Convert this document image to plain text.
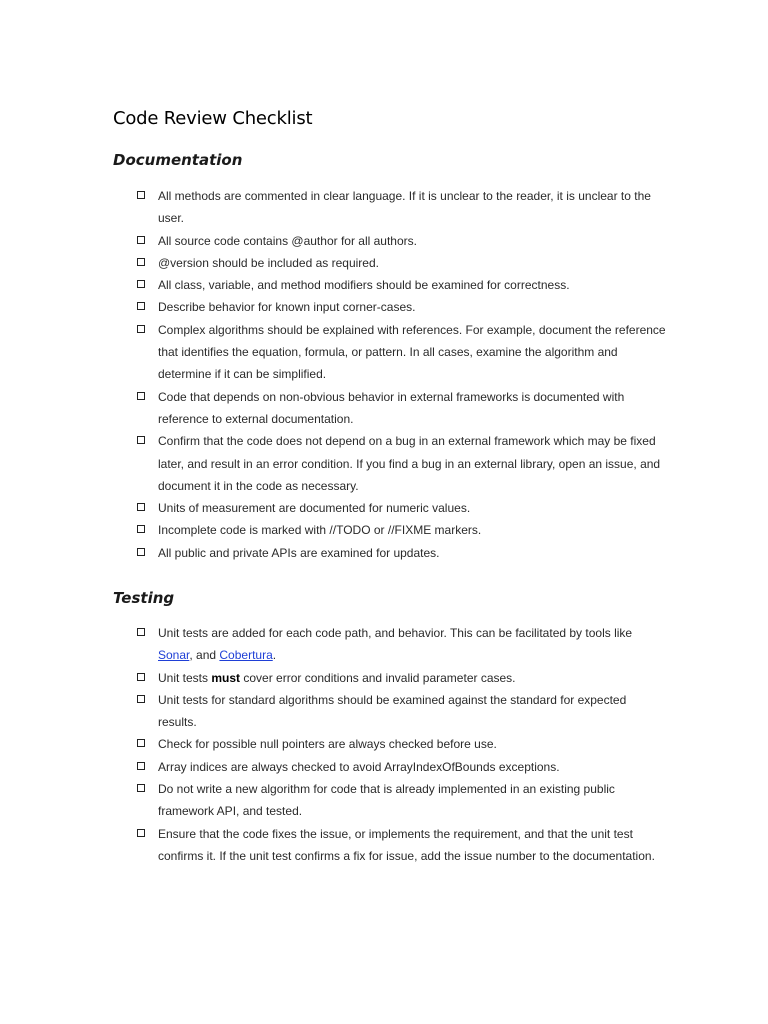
Code Review Checklist
Documentation
All methods are commented in clear language. If it is unclear to the reader, it is unclear to the user.
All source code contains @author for all authors.
@version should be included as required.
All class, variable, and method modifiers should be examined for correctness.
Describe behavior for known input corner-cases.
Complex algorithms should be explained with references. For example, document the reference that identifies the equation, formula, or pattern. In all cases, examine the algorithm and determine if it can be simplified.
Code that depends on non-obvious behavior in external frameworks is documented with reference to external documentation.
Confirm that the code does not depend on a bug in an external framework which may be fixed later, and result in an error condition. If you find a bug in an external library, open an issue, and document it in the code as necessary.
Units of measurement are documented for numeric values.
Incomplete code is marked with //TODO or //FIXME markers.
All public and private APIs are examined for updates.
Testing
Unit tests are added for each code path, and behavior. This can be facilitated by tools like Sonar, and Cobertura.
Unit tests must cover error conditions and invalid parameter cases.
Unit tests for standard algorithms should be examined against the standard for expected results.
Check for possible null pointers are always checked before use.
Array indices are always checked to avoid ArrayIndexOfBounds exceptions.
Do not write a new algorithm for code that is already implemented in an existing public framework API, and tested.
Ensure that the code fixes the issue, or implements the requirement, and that the unit test confirms it. If the unit test confirms a fix for issue, add the issue number to the documentation.
